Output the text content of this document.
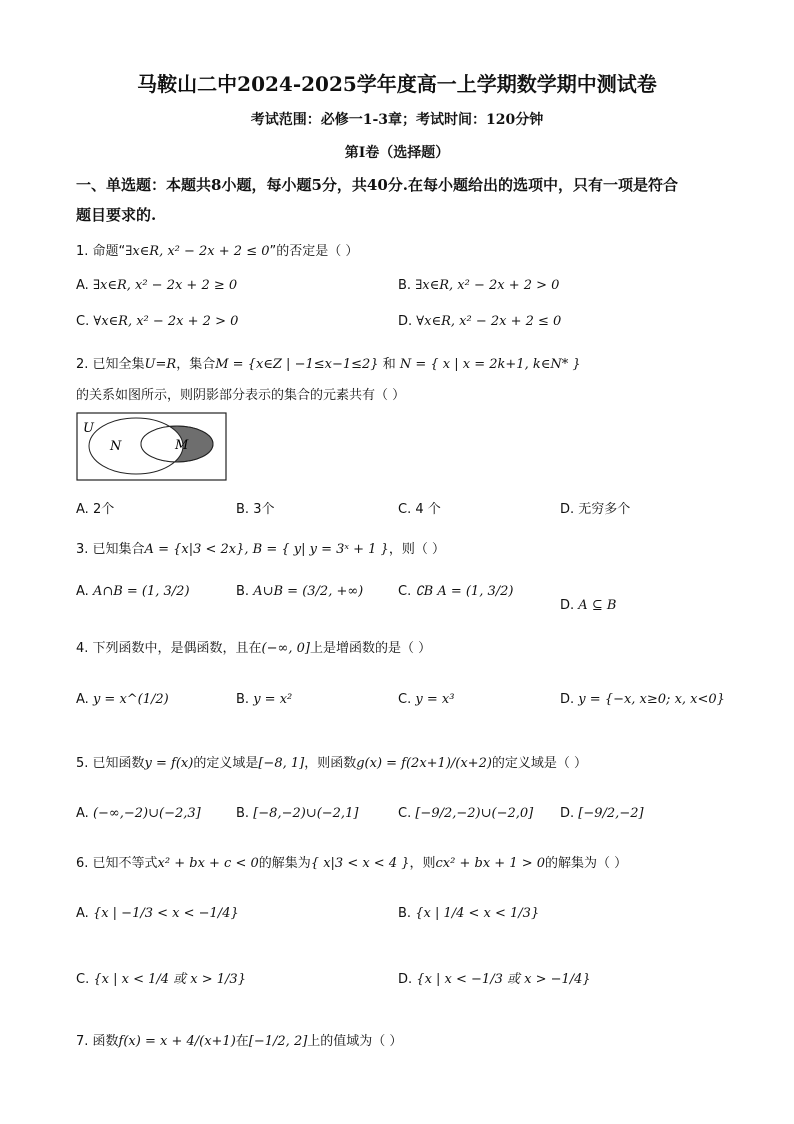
马鞍山二中2024-2025学年度高一上学期数学期中测试卷
考试范围：必修一1-3章；考试时间：120分钟
第Ⅰ卷（选择题）
一、单选题：本题共8小题，每小题5分，共40分.在每小题给出的选项中，只有一项是符合
题目要求的.
1. 命题“∃x∈R, x² − 2x + 2 ≤ 0”的否定是（ ）
A. ∃x∈R, x² − 2x + 2 ≥ 0	B. ∃x∈R, x² − 2x + 2 > 0
C. ∀x∈R, x² − 2x + 2 > 0	D. ∀x∈R, x² − 2x + 2 ≤ 0
2. 已知全集U=R，集合M = {x∈Z | −1≤x−1≤2} 和 N = { x | x = 2k+1, k∈N* }
的关系如图所示，则阴影部分表示的集合的元素共有（ ）
U
N	M
A. 2个	B. 3个	C. 4 个	D. 无穷多个
3. 已知集合A = {x|3 < 2x}, B = { y| y = 3ˣ + 1 }，则（ ）
A. A∩B = (1, 3/2)	B. A∪B = (3/2, +∞)	C. ∁B A = (1, 3/2)
D. A ⊆ B
4. 下列函数中，是偶函数，且在(−∞, 0]上是增函数的是（ ）
A. y = x^(1/2)	B. y = x²	C. y = x³	D. y = {−x, x≥0; x, x<0}
5. 已知函数y = f(x)的定义域是[−8, 1]，则函数g(x) = f(2x+1)/(x+2)的定义域是（ ）
A. (−∞,−2)∪(−2,3]	B. [−8,−2)∪(−2,1]	C. [−9/2,−2)∪(−2,0] D. [−9/2,−2]
6. 已知不等式x² + bx + c < 0的解集为{ x|3 < x < 4 }，则cx² + bx + 1 > 0的解集为（ ）
A. {x | −1/3 < x < −1/4}	B. {x | 1/4 < x < 1/3}
C. {x | x < 1/4 或 x > 1/3}	D. {x | x < −1/3 或 x > −1/4}
7. 函数f(x) = x + 4/(x+1)在[−1/2, 2]上的值域为（ ）
